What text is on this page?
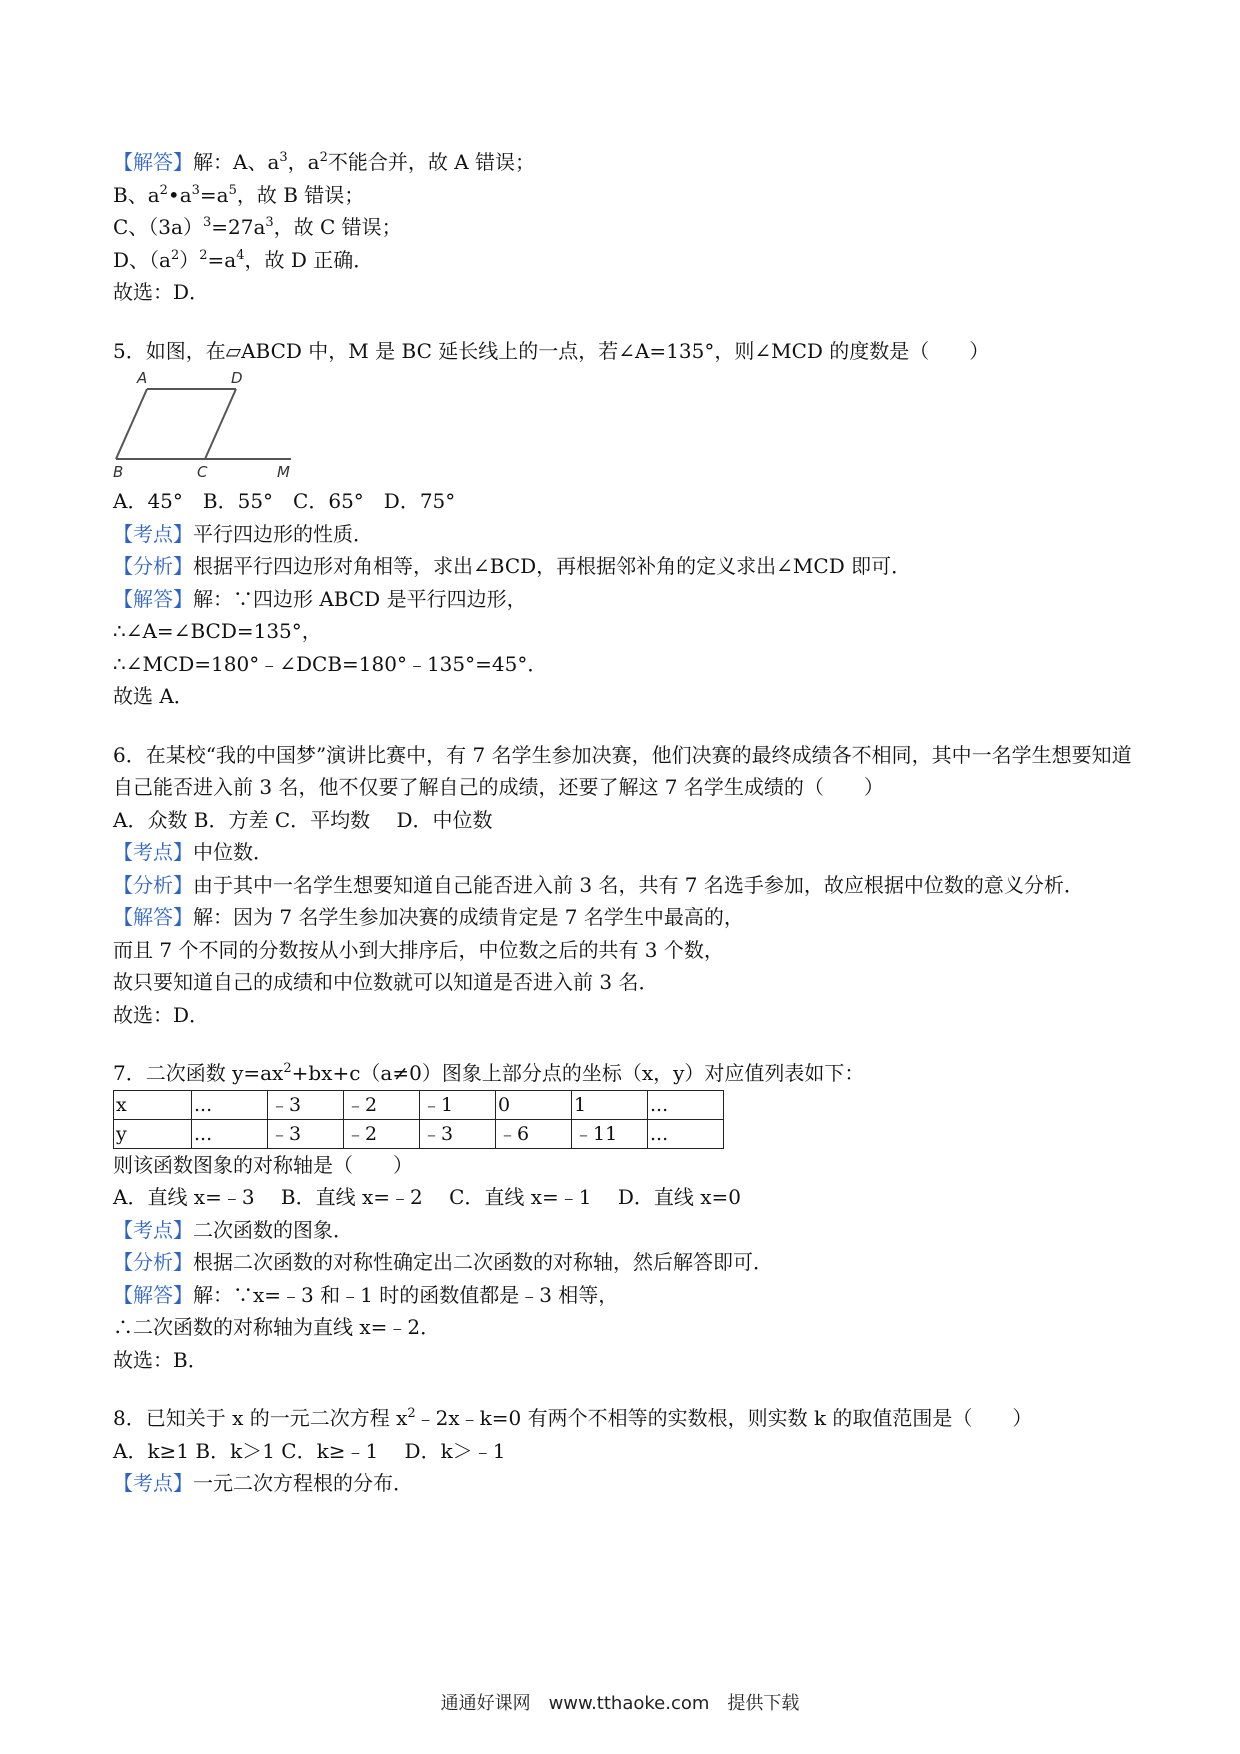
【解答】解：A、$a^3$，$a^2$不能合并，故 A 错误；
B、$a^2•a^3=a^5$，故 B 错误；
C、$(3a)^3=27a^3$，故 C 错误；
D、$(a^2)^2=a^4$，故 D 正确．
故选：D．
5．如图，在▱ABCD 中，M 是 BC 延长线上的一点，若∠A=135°，则∠MCD 的度数是（　　）
A	D
B	C	M
A．45°　B．55°　C．65°　D．75°
【考点】平行四边形的性质．
【分析】根据平行四边形对角相等，求出∠BCD，再根据邻补角的定义求出∠MCD 即可．
【解答】解：∵四边形 ABCD 是平行四边形，
∴∠A=∠BCD=135°，
∴∠MCD=180°﹣∠DCB=180°﹣135°=45°．
故选 A．
6．在某校“我的中国梦”演讲比赛中，有 7 名学生参加决赛，他们决赛的最终成绩各不相同，其中一名学生想要知道自己能否进入前 3 名，他不仅要了解自己的成绩，还要了解这 7 名学生成绩的（　　）
A．众数 B．方差 C．平均数　 D．中位数
【考点】中位数．
【分析】由于其中一名学生想要知道自己能否进入前 3 名，共有 7 名选手参加，故应根据中位数的意义分析．
【解答】解：因为 7 名学生参加决赛的成绩肯定是 7 名学生中最高的，
而且 7 个不同的分数按从小到大排序后，中位数之后的共有 3 个数，
故只要知道自己的成绩和中位数就可以知道是否进入前 3 名．
故选：D．
7．二次函数 $y=ax^2+bx+c(a\ne 0)$图象上部分点的坐标（x，y）对应值列表如下：
x	...	﹣3	﹣2	﹣1	0	1	...
y	...	﹣3	﹣2	﹣3	﹣6	﹣11	...
则该函数图象的对称轴是（　　）
A．直线 x=﹣3　 B．直线 x=﹣2　 C．直线 x=﹣1　 D．直线 x=0
【考点】二次函数的图象．
【分析】根据二次函数的对称性确定出二次函数的对称轴，然后解答即可．
【解答】解：∵x=﹣3 和﹣1 时的函数值都是﹣3 相等，
∴二次函数的对称轴为直线 x=﹣2．
故选：B．
8．已知关于 x 的一元二次方程 $x^2﹣2x﹣k=0$ 有两个不相等的实数根，则实数 k 的取值范围是（　　）
A．k≥1 B．k＞1 C．k≥﹣1　 D．k＞﹣1
【考点】一元二次方程根的分布．
通通好课网　www.tthaoke.com　提供下载
